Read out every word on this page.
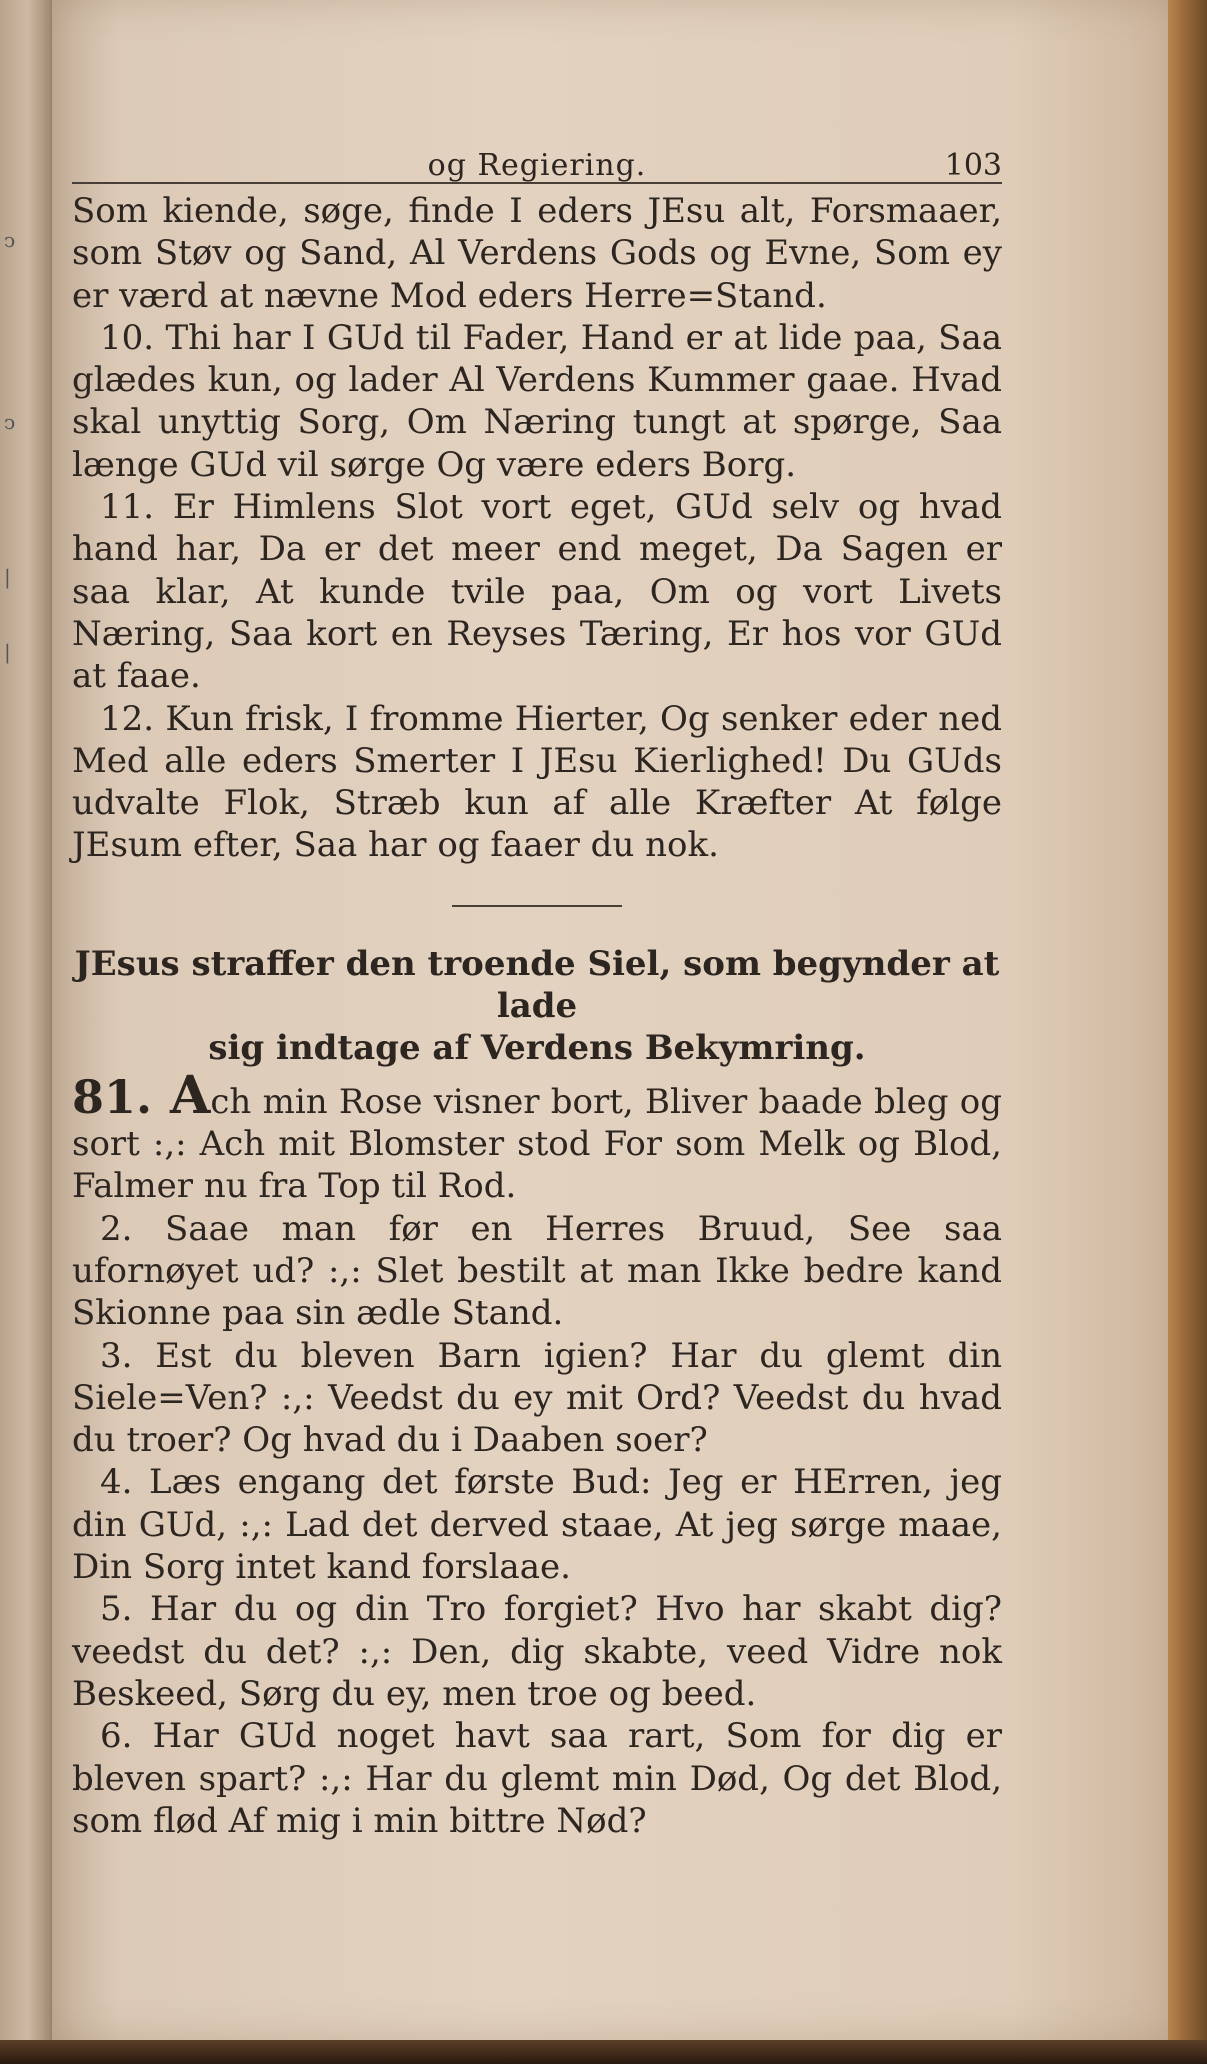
ↄ
ↄ
|
|
og Regiering.	103

Som kiende, søge, finde I eders JEsu alt, Forsmaaer, som Støv og Sand, Al Verdens Gods og Evne, Som ey er værd at nævne Mod eders Herre=Stand.

10. Thi har I GUd til Fader, Hand er at lide paa, Saa glædes kun, og lader Al Verdens Kummer gaae. Hvad skal unyttig Sorg, Om Næring tungt at spørge, Saa længe GUd vil sørge Og være eders Borg.

11. Er Himlens Slot vort eget, GUd selv og hvad hand har, Da er det meer end meget, Da Sagen er saa klar, At kunde tvile paa, Om og vort Livets Næring, Saa kort en Reyses Tæring, Er hos vor GUd at faae.

12. Kun frisk, I fromme Hierter, Og senker eder ned Med alle eders Smerter I JEsu Kierlighed! Du GUds udvalte Flok, Stræb kun af alle Kræfter At følge JEsum efter, Saa har og faaer du nok.

JEsus straffer den troende Siel, som begynder at lade
sig indtage af Verdens Bekymring.

81. Ach min Rose visner bort, Bliver baade bleg og sort :,: Ach mit Blomster stod For som Melk og Blod, Falmer nu fra Top til Rod.

2. Saae man før en Herres Bruud, See saa ufornøyet ud? :,: Slet bestilt at man Ikke bedre kand Skionne paa sin ædle Stand.

3. Est du bleven Barn igien? Har du glemt din Siele=Ven? :,: Veedst du ey mit Ord? Veedst du hvad du troer? Og hvad du i Daaben soer?

4. Læs engang det første Bud: Jeg er HErren, jeg din GUd, :,: Lad det derved staae, At jeg sørge maae, Din Sorg intet kand forslaae.

5. Har du og din Tro forgiet? Hvo har skabt dig? veedst du det? :,: Den, dig skabte, veed Vidre nok Beskeed, Sørg du ey, men troe og beed.

6. Har GUd noget havt saa rart, Som for dig er bleven spart? :,: Har du glemt min Død, Og det Blod, som flød Af mig i min bittre Nød?
